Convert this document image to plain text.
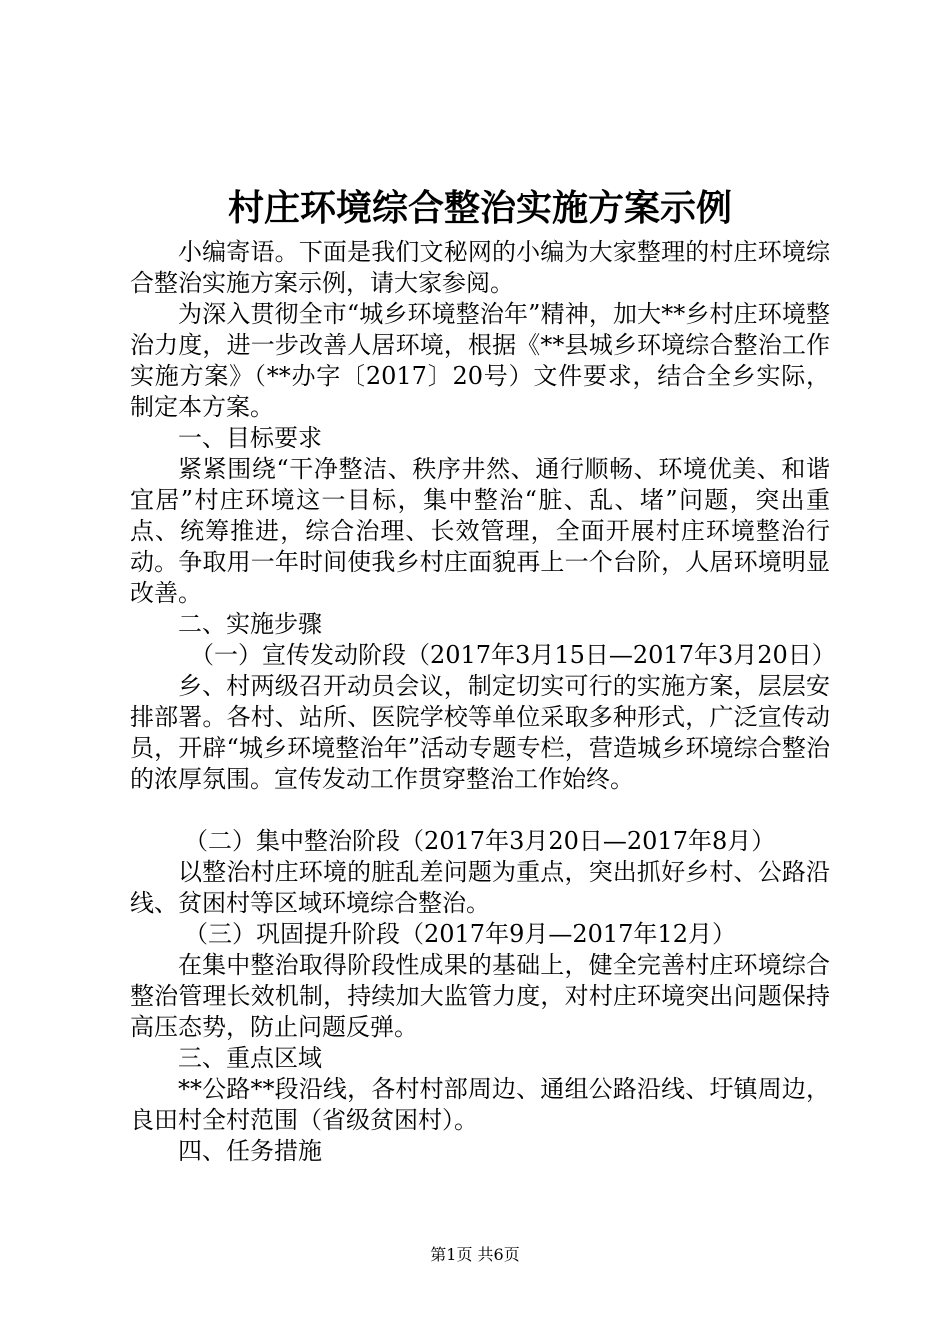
村庄环境综合整治实施方案示例

小编寄语。下面是我们文秘网的小编为大家整理的村庄环境综合整治实施方案示例，请大家参阅。

为深入贯彻全市“城乡环境整治年”精神，加大**乡村庄环境整治力度，进一步改善人居环境，根据《**县城乡环境综合整治工作实施方案》（**办字〔2017〕20号）文件要求，结合全乡实际，制定本方案。

一、目标要求

紧紧围绕“干净整洁、秩序井然、通行顺畅、环境优美、和谐宜居”村庄环境这一目标，集中整治“脏、乱、堵”问题，突出重点、统筹推进，综合治理、长效管理，全面开展村庄环境整治行动。争取用一年时间使我乡村庄面貌再上一个台阶，人居环境明显改善。

二、实施步骤

（一）宣传发动阶段（2017年3月15日—2017年3月20日）

乡、村两级召开动员会议，制定切实可行的实施方案，层层安排部署。各村、站所、医院学校等单位采取多种形式，广泛宣传动员，开辟“城乡环境整治年”活动专题专栏，营造城乡环境综合整治的浓厚氛围。宣传发动工作贯穿整治工作始终。

（二）集中整治阶段（2017年3月20日—2017年8月）

以整治村庄环境的脏乱差问题为重点，突出抓好乡村、公路沿线、贫困村等区域环境综合整治。

（三）巩固提升阶段（2017年9月—2017年12月）

在集中整治取得阶段性成果的基础上，健全完善村庄环境综合整治管理长效机制，持续加大监管力度，对村庄环境突出问题保持高压态势，防止问题反弹。

三、重点区域

**公路**段沿线，各村村部周边、通组公路沿线、圩镇周边，良田村全村范围（省级贫困村）。

四、任务措施

第1页 共6页
